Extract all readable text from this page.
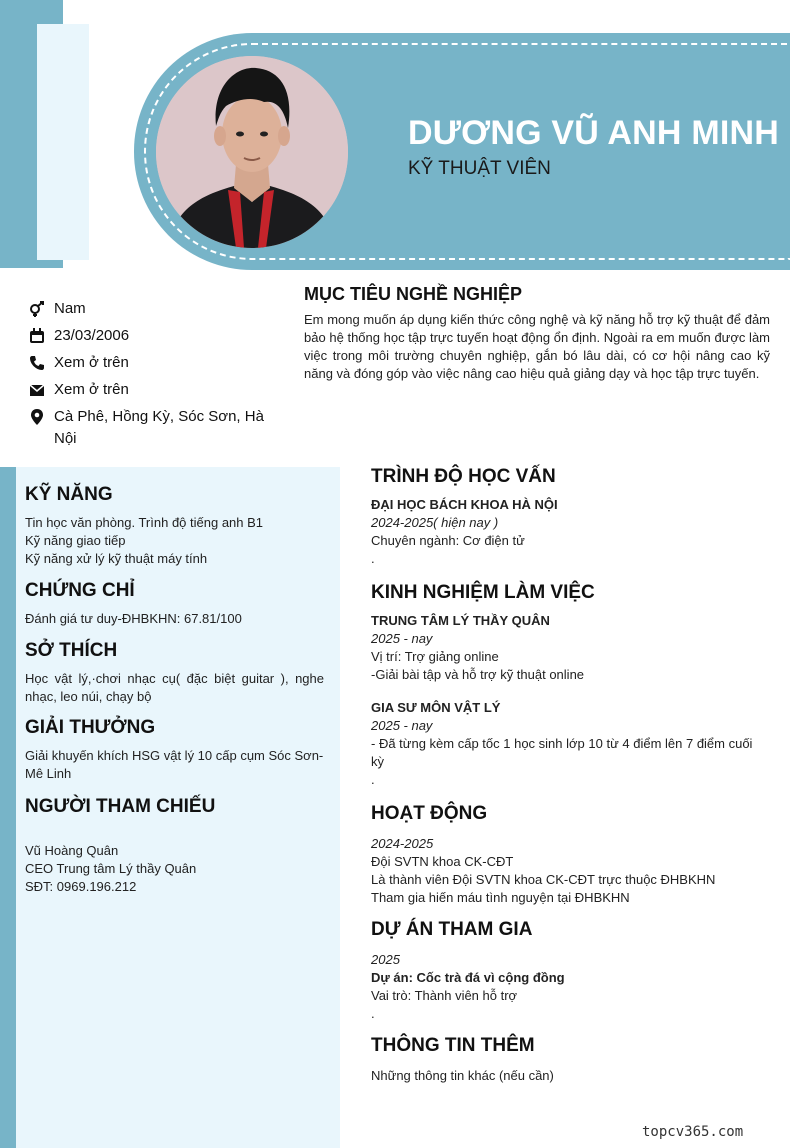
DƯƠNG VŨ ANH MINH
KỸ THUẬT VIÊN
Nam
23/03/2006
Xem ở trên
Xem ở trên
Cà Phê, Hồng Kỳ, Sóc Sơn, Hà Nội
MỤC TIÊU NGHỀ NGHIỆP
Em mong muốn áp dụng kiến thức công nghệ và kỹ năng hỗ trợ kỹ thuật để đảm bảo hệ thống học tập trực tuyến hoạt động ổn định. Ngoài ra em muốn được làm việc trong môi trường chuyên nghiệp, gắn bó lâu dài, có cơ hội nâng cao kỹ năng và đóng góp vào việc nâng cao hiệu quả giảng dạy và học tập trực tuyến.
KỸ NĂNG
Tin học văn phòng. Trình độ tiếng anh B1
Kỹ năng giao tiếp
Kỹ năng xử lý kỹ thuật máy tính
CHỨNG CHỈ
Đánh giá tư duy-ĐHBKHN: 67.81/100
SỞ THÍCH
Học vật lý,·chơi nhạc cụ( đặc biệt guitar ), nghe nhạc, leo núi, chạy bộ
GIẢI THƯỞNG
Giải khuyến khích HSG vật lý 10 cấp cụm Sóc Sơn-Mê Linh
NGƯỜI THAM CHIẾU
Vũ Hoàng Quân
CEO Trung tâm Lý thầy Quân
SĐT: 0969.196.212
TRÌNH ĐỘ HỌC VẤN
ĐẠI HỌC BÁCH KHOA HÀ NỘI
2024-2025( hiện nay )
Chuyên ngành: Cơ điện tử
.
KINH NGHIỆM LÀM VIỆC
TRUNG TÂM LÝ THẦY QUÂN
2025 - nay
Vị trí: Trợ giảng online
-Giải bài tập và hỗ trợ kỹ thuật online
GIA SƯ MÔN VẬT LÝ
2025 - nay
- Đã từng kèm cấp tốc 1 học sinh lớp 10 từ 4 điểm lên 7 điểm cuối kỳ
.
HOẠT ĐỘNG
2024-2025
Đội SVTN khoa CK-CĐT
Là thành viên Đội SVTN khoa CK-CĐT trực thuộc ĐHBKHN
Tham gia hiến máu tình nguyện tại ĐHBKHN
DỰ ÁN THAM GIA
2025
Dự án: Cốc trà đá vì cộng đồng
Vai trò: Thành viên hỗ trợ
.
THÔNG TIN THÊM
Những thông tin khác (nếu cần)
topcv365.com
